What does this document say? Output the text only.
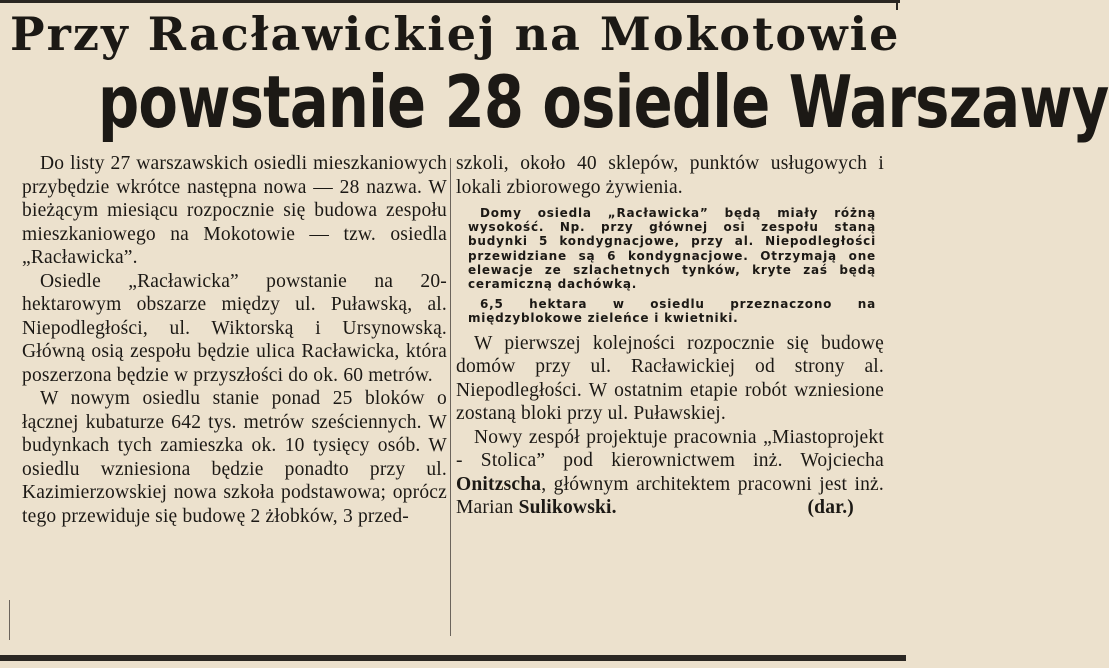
Przy Racławickiej na Mokotowie
powstanie 28 osiedle Warszawy

Do listy 27 warszawskich osiedli mieszkaniowych przybędzie wkrótce następna nowa — 28 nazwa. W bieżącym miesiącu rozpocznie się budowa zespołu mieszkaniowego na Mokotowie — tzw. osiedla „Racławicka”.

Osiedle „Racławicka” powstanie na 20-hektarowym obszarze między ul. Puławską, al. Niepodległości, ul. Wiktorską i Ursynowską. Główną osią zespołu będzie ulica Racławicka, która poszerzona będzie w przyszłości do ok. 60 metrów.

W nowym osiedlu stanie ponad 25 bloków o łącznej kubaturze 642 tys. metrów sześciennych. W budynkach tych zamieszka ok. 10 tysięcy osób. W osiedlu wzniesiona będzie ponadto przy ul. Kazimierzowskiej nowa szkoła podstawowa; oprócz tego przewiduje się budowę 2 żłobków, 3 przed-

szkoli, około 40 sklepów, punktów usługowych i lokali zbiorowego żywienia.

Domy osiedla „Racławicka” będą miały różną wysokość. Np. przy głównej osi zespołu staną budynki 5 kondygnacjowe, przy al. Niepodległości przewidziane są 6 kondygnacjowe. Otrzymają one elewacje ze szlachetnych tynków, kryte zaś będą ceramiczną dachówką.

6,5 hektara w osiedlu przeznaczono na międzyblokowe zieleńce i kwietniki.

W pierwszej kolejności rozpocznie się budowę domów przy ul. Racławickiej od strony al. Niepodległości. W ostatnim etapie robót wzniesione zostaną bloki przy ul. Puławskiej.

Nowy zespół projektuje pracownia „Miastoprojekt - Stolica” pod kierownictwem inż. Wojciecha Onitzscha, głównym architektem pracowni jest inż. Marian Sulikowski.	(dar.)
